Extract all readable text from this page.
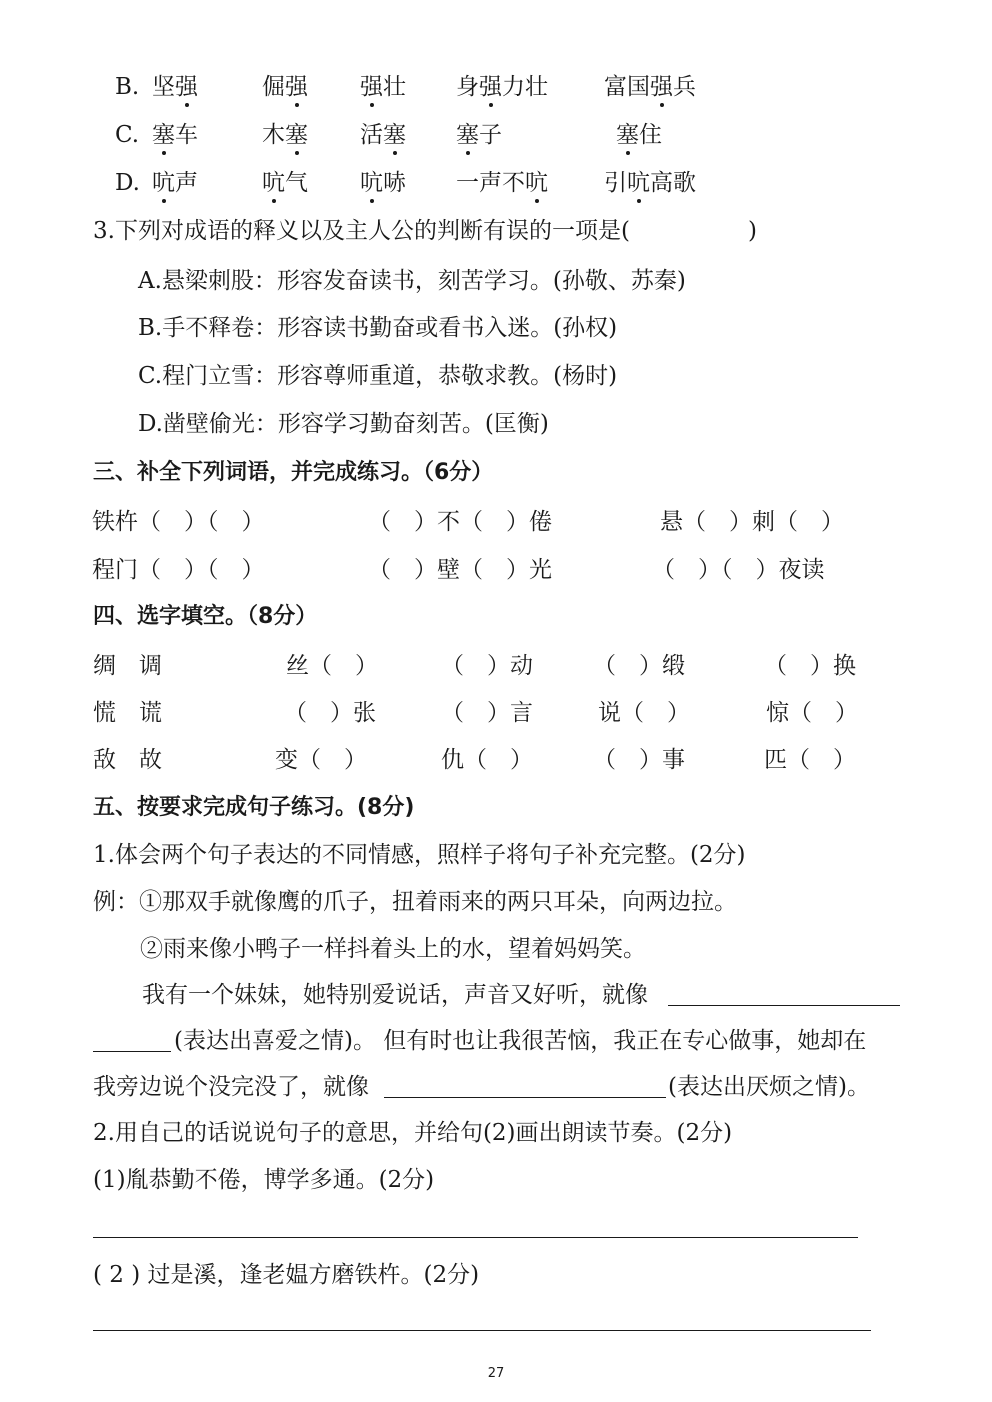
B. 坚强	倔强 强壮 身强力壮 富国强兵
C. 塞车	木塞 活塞 塞子	塞住
D. 吭声	吭气 吭哧 一声不吭 引吭高歌
3.下列对成语的释义以及主人公的判断有误的一项是(	)
A.悬梁刺股：形容发奋读书，刻苦学习。(孙敬、苏秦)
B.手不释卷：形容读书勤奋或看书入迷。(孙权)
C.程门立雪：形容尊师重道，恭敬求教。(杨时)
D.凿壁偷光：形容学习勤奋刻苦。(匡衡)
三、补全下列词语，并完成练习。（6分）
铁杵（　）（　）	（　）不（　）倦	悬（　）刺（　）
程门（　）（　）	（　）壁（　）光	（　）（　）夜读
四、选字填空。（8分）
绸　调	丝（　）	（　）动	（　）缎	（　）换
慌　谎	（　）张	（　）言	说（　）	惊（　）
敌　故	变（　）	仇（　）	（　）事	匹（　）
五、按要求完成句子练习。(8分)
1.体会两个句子表达的不同情感，照样子将句子补充完整。(2分)
例：①那双手就像鹰的爪子，扭着雨来的两只耳朵，向两边拉。
②雨来像小鸭子一样抖着头上的水，望着妈妈笑。
我有一个妹妹，她特别爱说话，声音又好听，就像
(表达出喜爱之情)。 但有时也让我很苦恼，我正在专心做事，她却在
我旁边说个没完没了，就像	(表达出厌烦之情)。
2.用自己的话说说句子的意思，并给句(2)画出朗读节奏。(2分)
(1)胤恭勤不倦，博学多通。(2分)
( 2 ) 过是溪，逢老媪方磨铁杵。(2分)
27
